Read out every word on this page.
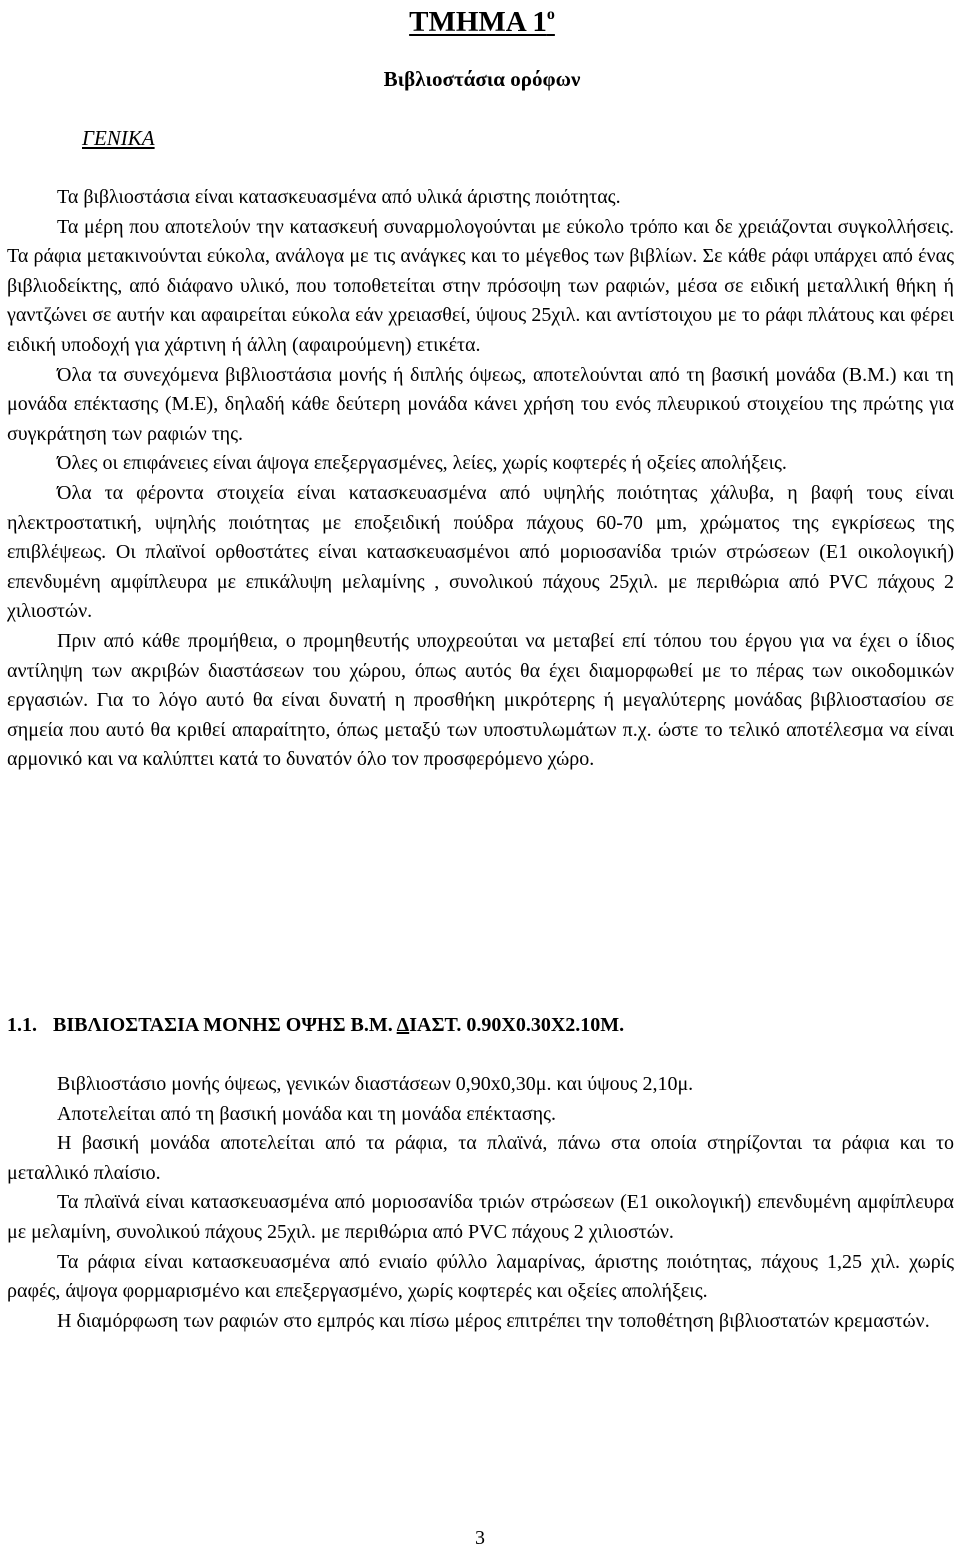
ΤΜΗΜΑ $1^o$
Βιβλιοστάσια ορόφων
ΓΕΝΙΚΑ

Τα βιβλιοστάσια είναι κατασκευασμένα από υλικά άριστης ποιότητας.

Τα μέρη που αποτελούν την κατασκευή συναρμολογούνται με εύκολο τρόπο και δε χρειάζονται συγκολλήσεις. Τα ράφια μετακινούνται εύκολα, ανάλογα με τις ανάγκες και το μέγεθος των βιβλίων. Σε κάθε ράφι υπάρχει από ένας βιβλιοδείκτης, από διάφανο υλικό, που τοποθετείται στην πρόσοψη των ραφιών, μέσα σε ειδική μεταλλική θήκη ή γαντζώνει σε αυτήν και αφαιρείται εύκολα εάν χρειασθεί, ύψους 25χιλ. και αντίστοιχου με το ράφι πλάτους και φέρει ειδική υποδοχή για χάρτινη ή άλλη (αφαιρούμενη) ετικέτα.

Όλα τα συνεχόμενα βιβλιοστάσια μονής ή διπλής όψεως, αποτελούνται από τη βασική μονάδα (Β.Μ.) και τη μονάδα επέκτασης (Μ.Ε), δηλαδή κάθε δεύτερη μονάδα κάνει χρήση του ενός πλευρικού στοιχείου της πρώτης για συγκράτηση των ραφιών της.

Όλες οι επιφάνειες είναι άψογα επεξεργασμένες, λείες, χωρίς κοφτερές ή οξείες απολήξεις.

Όλα τα φέροντα στοιχεία είναι κατασκευασμένα από υψηλής ποιότητας χάλυβα, η βαφή τους είναι ηλεκτροστατική, υψηλής ποιότητας με εποξειδική πούδρα πάχους 60-70 μm, χρώματος της εγκρίσεως της επιβλέψεως. Οι πλαϊνοί ορθοστάτες είναι κατασκευασμένοι από μοριοσανίδα τριών στρώσεων (Ε1 οικολογική) επενδυμένη αμφίπλευρα με επικάλυψη μελαμίνης , συνολικού πάχους 25χιλ. με περιθώρια από PVC πάχους 2 χιλιοστών.

Πριν από κάθε προμήθεια, ο προμηθευτής υποχρεούται να μεταβεί επί τόπου του έργου για να έχει ο ίδιος αντίληψη των ακριβών διαστάσεων του χώρου, όπως αυτός θα έχει διαμορφωθεί με το πέρας των οικοδομικών εργασιών. Για το λόγο αυτό θα είναι δυνατή η προσθήκη μικρότερης ή μεγαλύτερης μονάδας βιβλιοστασίου σε σημεία που αυτό θα κριθεί απαραίτητο, όπως μεταξύ των υποστυλωμάτων π.χ. ώστε το τελικό αποτέλεσμα να είναι αρμονικό και να καλύπτει κατά το δυνατόν όλο τον προσφερόμενο χώρο.

1.1. ΒΙΒΛΙΟΣΤΑΣΙΑ ΜΟΝΗΣ ΟΨΗΣ Β.Μ. ΔΙΑΣΤ. 0.90Χ0.30Χ2.10Μ.

Βιβλιοστάσιο μονής όψεως, γενικών διαστάσεων 0,90x0,30μ. και ύψους 2,10μ.

Αποτελείται από τη βασική μονάδα και τη μονάδα επέκτασης.

Η βασική μονάδα αποτελείται από τα ράφια, τα πλαϊνά, πάνω στα οποία στηρίζονται τα ράφια και το μεταλλικό πλαίσιο.

Τα πλαϊνά είναι κατασκευασμένα από μοριοσανίδα τριών στρώσεων (Ε1 οικολογική) επενδυμένη αμφίπλευρα με μελαμίνη, συνολικού πάχους 25χιλ. με περιθώρια από PVC πάχους 2 χιλιοστών.

Τα ράφια είναι κατασκευασμένα από ενιαίο φύλλο λαμαρίνας, άριστης ποιότητας, πάχους 1,25 χιλ. χωρίς ραφές, άψογα φορμαρισμένο και επεξεργασμένο, χωρίς κοφτερές και οξείες απολήξεις.

Η διαμόρφωση των ραφιών στο εμπρός και πίσω μέρος επιτρέπει την τοποθέτηση βιβλιοστατών κρεμαστών.

3
